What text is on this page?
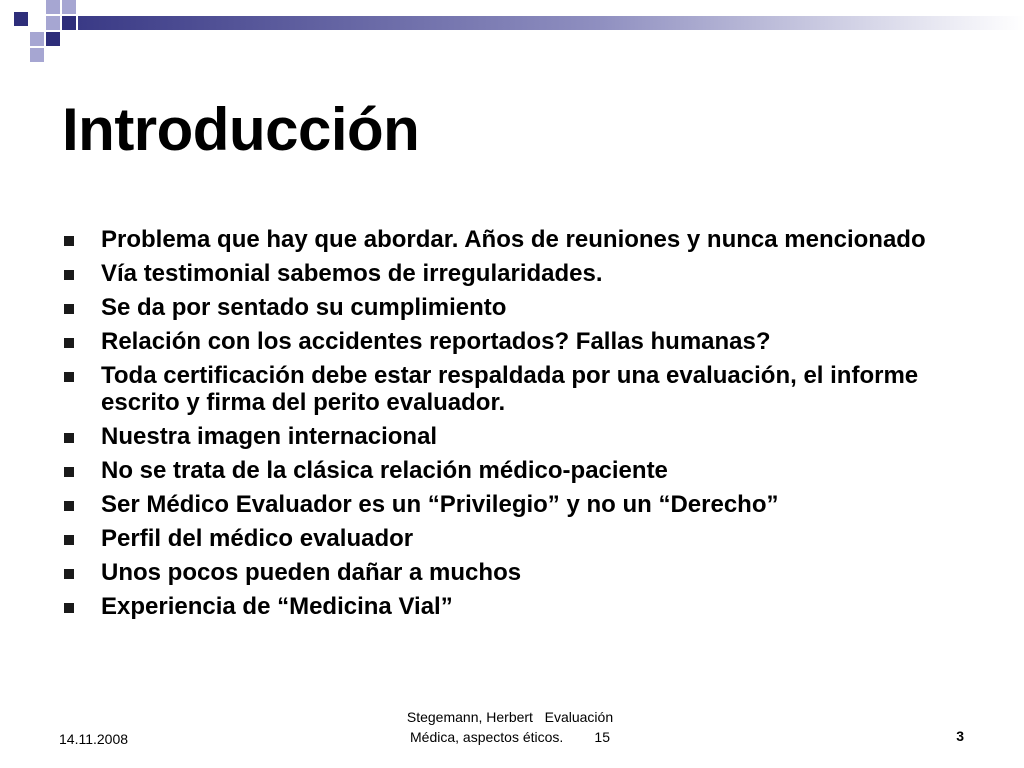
Introducción
Problema que hay que abordar. Años de reuniones y nunca mencionado
Vía testimonial sabemos de irregularidades.
Se da por sentado su cumplimiento
Relación con los accidentes reportados? Fallas humanas?
Toda certificación debe estar respaldada por una evaluación, el informe escrito y firma del perito evaluador.
Nuestra imagen internacional
No se trata de la clásica relación médico-paciente
Ser Médico Evaluador es un “Privilegio” y no un “Derecho”
Perfil del médico evaluador
Unos pocos pueden dañar a muchos
Experiencia de “Medicina Vial”
14.11.2008
Stegemann, Herbert   Evaluación
Médica, aspectos éticos.        15	3
